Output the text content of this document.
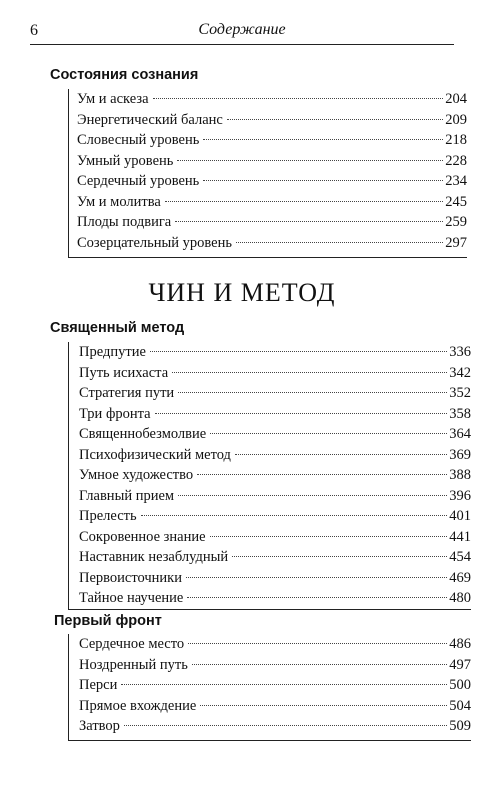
6	Содержание
Состояния сознания
Ум и аскеза	204
Энергетический баланс	209
Словесный уровень	218
Умный уровень	228
Сердечный уровень	234
Ум и молитва	245
Плоды подвига	259
Созерцательный уровень	297
ЧИН И МЕТОД
Священный метод
Предпутие	336
Путь исихаста	342
Стратегия пути	352
Три фронта	358
Священнобезмолвие	364
Психофизический метод	369
Умное художество	388
Главный прием	396
Прелесть	401
Сокровенное знание	441
Наставник незаблудный	454
Первоисточники	469
Тайное научение	480
Первый фронт
Сердечное место	486
Ноздренный путь	497
Перси	500
Прямое вхождение	504
Затвор	509
